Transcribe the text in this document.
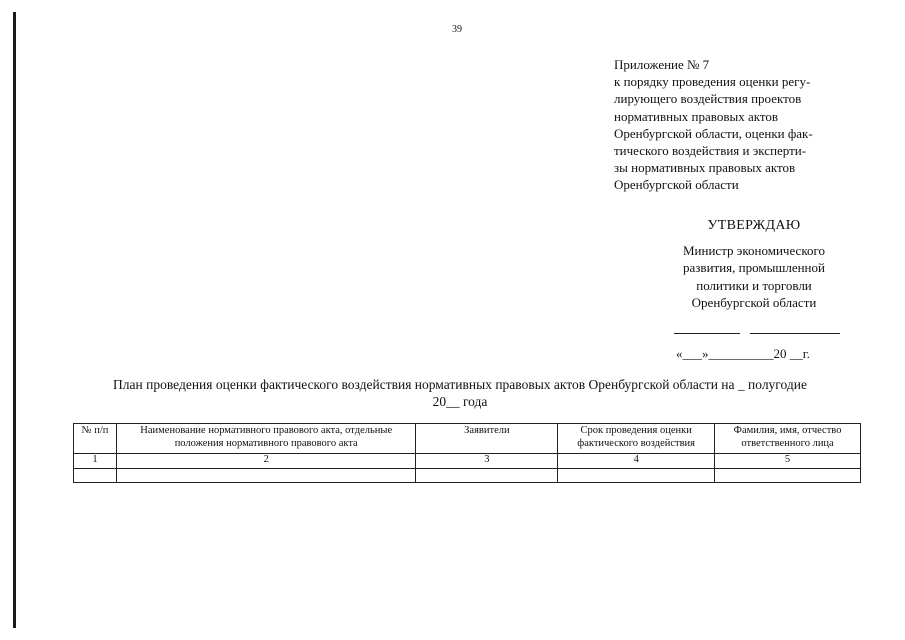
39
Приложение № 7
к порядку проведения оценки регу-
лирующего воздействия проектов
нормативных правовых актов
Оренбургской области, оценки фак-
тического воздействия и эксперти-
зы нормативных правовых актов
Оренбургской области
УТВЕРЖДАЮ
Министр экономического
развития, промышленной
политики и торговли
Оренбургской области
«___»__________20 __г.
План проведения оценки фактического воздействия нормативных правовых актов Оренбургской области на _ полугодие
20__ года
№ п/п	Наименование нормативного правового акта, отдельные положения нормативного правового акта	Заявители	Срок проведения оценки фактического воздействия	Фамилия, имя, отчество ответственного лица
1	2	3	4	5
